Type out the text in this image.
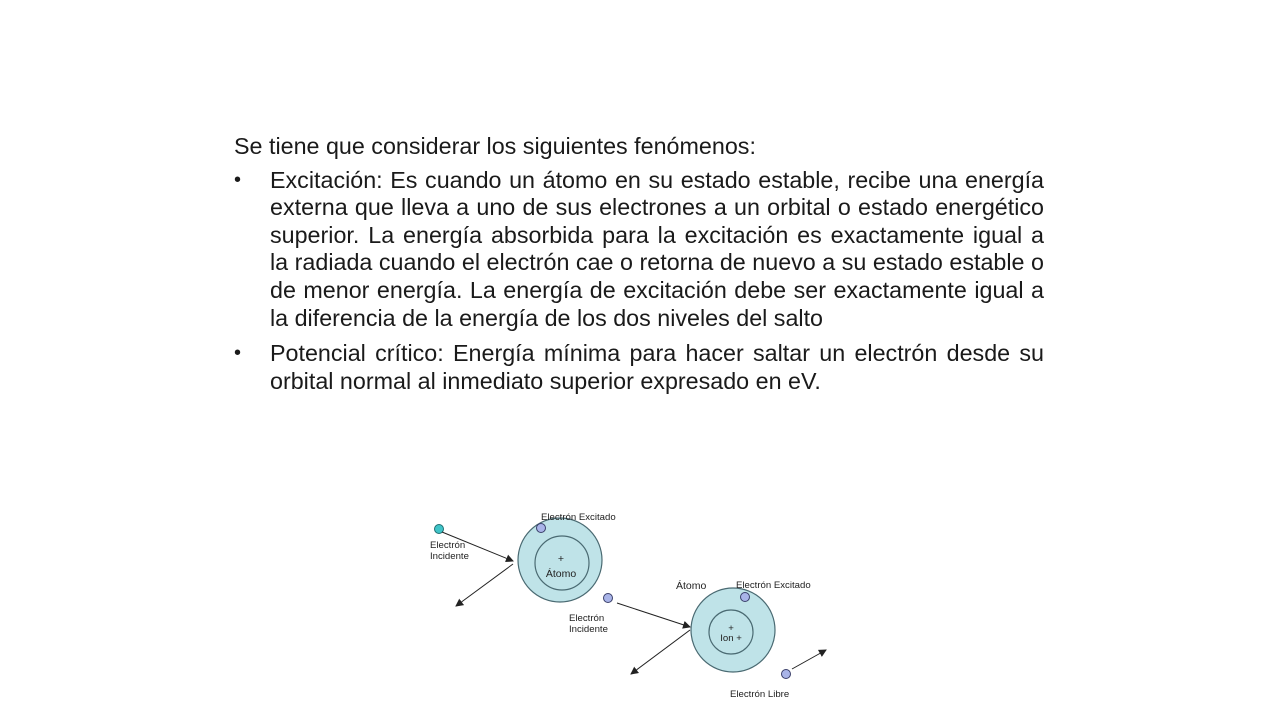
Se tiene que considerar los siguientes fenómenos:

• Excitación: Es cuando un átomo en su estado estable, recibe una energía externa que lleva a uno de sus electrones a un orbital o estado energético superior. La energía absorbida para la excitación es exactamente igual a la radiada cuando el electrón cae o retorna de nuevo a su estado estable o de menor energía. La energía de excitación debe ser exactamente igual a la diferencia de la energía de los dos niveles del salto
• Potencial crítico: Energía mínima para hacer saltar un electrón desde su orbital normal al inmediato superior expresado en eV.
+
Átomo
Electrón Excitado
Electrón
Incidente
Átomo
+
Ion +
Electrón Excitado
Electrón
Incidente
Electrón Libre
